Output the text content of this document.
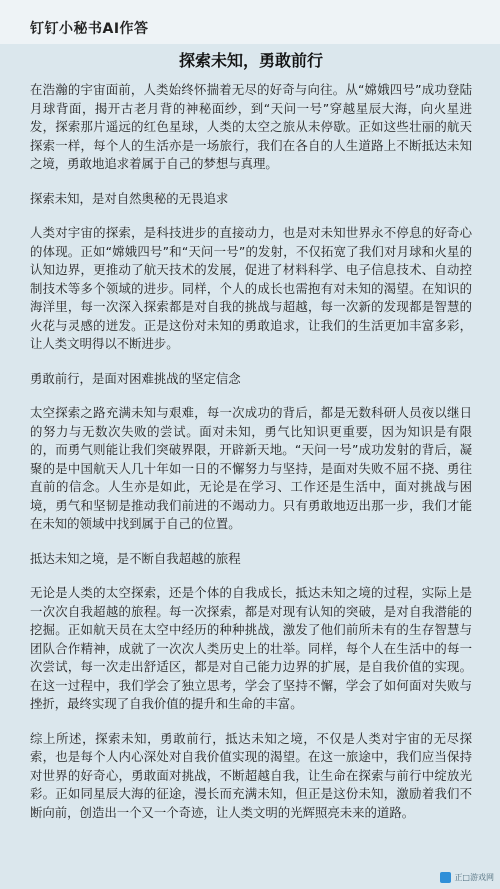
钉钉小秘书AI作答
探索未知，勇敢前行

在浩瀚的宇宙面前，人类始终怀揣着无尽的好奇与向往。从“嫦娥四号”成功登陆月球背面，揭开古老月背的神秘面纱，到“天问一号”穿越星辰大海，向火星进发，探索那片遥远的红色星球，人类的太空之旅从未停歇。正如这些壮丽的航天探索一样，每个人的生活亦是一场旅行，我们在各自的人生道路上不断抵达未知之境，勇敢地追求着属于自己的梦想与真理。

探索未知，是对自然奥秘的无畏追求

人类对宇宙的探索，是科技进步的直接动力，也是对未知世界永不停息的好奇心的体现。正如“嫦娥四号”和“天问一号”的发射，不仅拓宽了我们对月球和火星的认知边界，更推动了航天技术的发展，促进了材料科学、电子信息技术、自动控制技术等多个领域的进步。同样，个人的成长也需抱有对未知的渴望。在知识的海洋里，每一次深入探索都是对自我的挑战与超越，每一次新的发现都是智慧的火花与灵感的迸发。正是这份对未知的勇敢追求，让我们的生活更加丰富多彩，让人类文明得以不断进步。

勇敢前行，是面对困难挑战的坚定信念

太空探索之路充满未知与艰难，每一次成功的背后，都是无数科研人员夜以继日的努力与无数次失败的尝试。面对未知，勇气比知识更重要，因为知识是有限的，而勇气则能让我们突破界限，开辟新天地。“天问一号”成功发射的背后，凝聚的是中国航天人几十年如一日的不懈努力与坚持，是面对失败不屈不挠、勇往直前的信念。人生亦是如此，无论是在学习、工作还是生活中，面对挑战与困境，勇气和坚韧是推动我们前进的不竭动力。只有勇敢地迈出那一步，我们才能在未知的领域中找到属于自己的位置。

抵达未知之境，是不断自我超越的旅程

无论是人类的太空探索，还是个体的自我成长，抵达未知之境的过程，实际上是一次次自我超越的旅程。每一次探索，都是对现有认知的突破，是对自我潜能的挖掘。正如航天员在太空中经历的种种挑战，激发了他们前所未有的生存智慧与团队合作精神，成就了一次次人类历史上的壮举。同样，每个人在生活中的每一次尝试，每一次走出舒适区，都是对自己能力边界的扩展，是自我价值的实现。在这一过程中，我们学会了独立思考，学会了坚持不懈，学会了如何面对失败与挫折，最终实现了自我价值的提升和生命的丰富。

综上所述，探索未知，勇敢前行，抵达未知之境，不仅是人类对宇宙的无尽探索，也是每个人内心深处对自我价值实现的渴望。在这一旅途中，我们应当保持对世界的好奇心，勇敢面对挑战，不断超越自我，让生命在探索与前行中绽放光彩。正如同星辰大海的征途，漫长而充满未知，但正是这份未知，激励着我们不断向前，创造出一个又一个奇迹，让人类文明的光辉照亮未来的道路。

正□游戏网
